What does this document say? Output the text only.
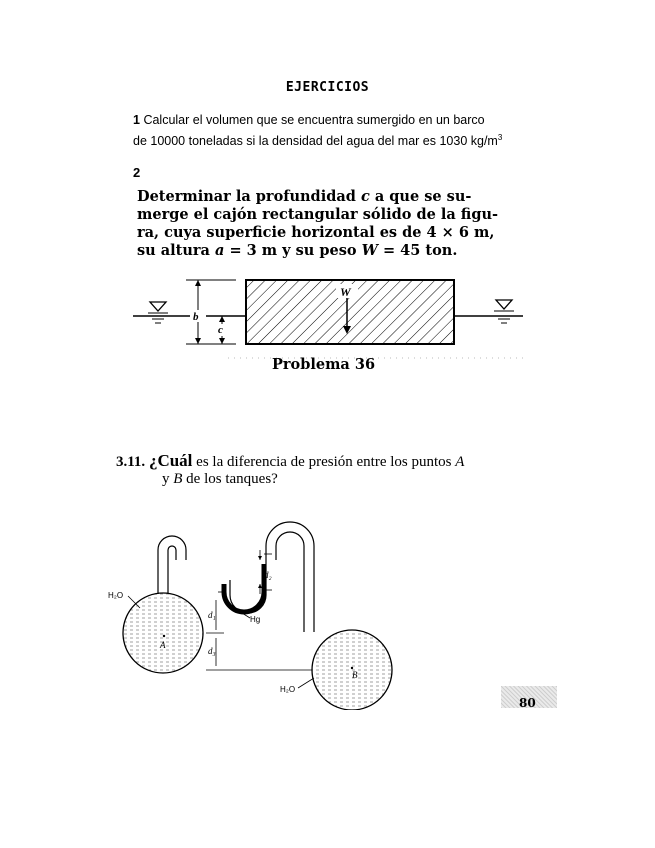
EJERCICIOS
1 Calcular el volumen que se encuentra sumergido en un barco
de 10000 toneladas si la densidad del agua del mar es 1030 $kg/m^3$
2
Determinar la profundidad c a que se su-
merge el cajón rectangular sólido de la figu-
ra, cuya superficie horizontal es de 4 × 6 m,
su altura a = 3 m y su peso W = 45 ton.
W
b
c
Problema 36
3.11. ¿Cuál es la diferencia de presión entre los puntos A
y B de los tanques?
H₂O
H₂O
Hg
d₁
d₂
d₃
A
B
80
